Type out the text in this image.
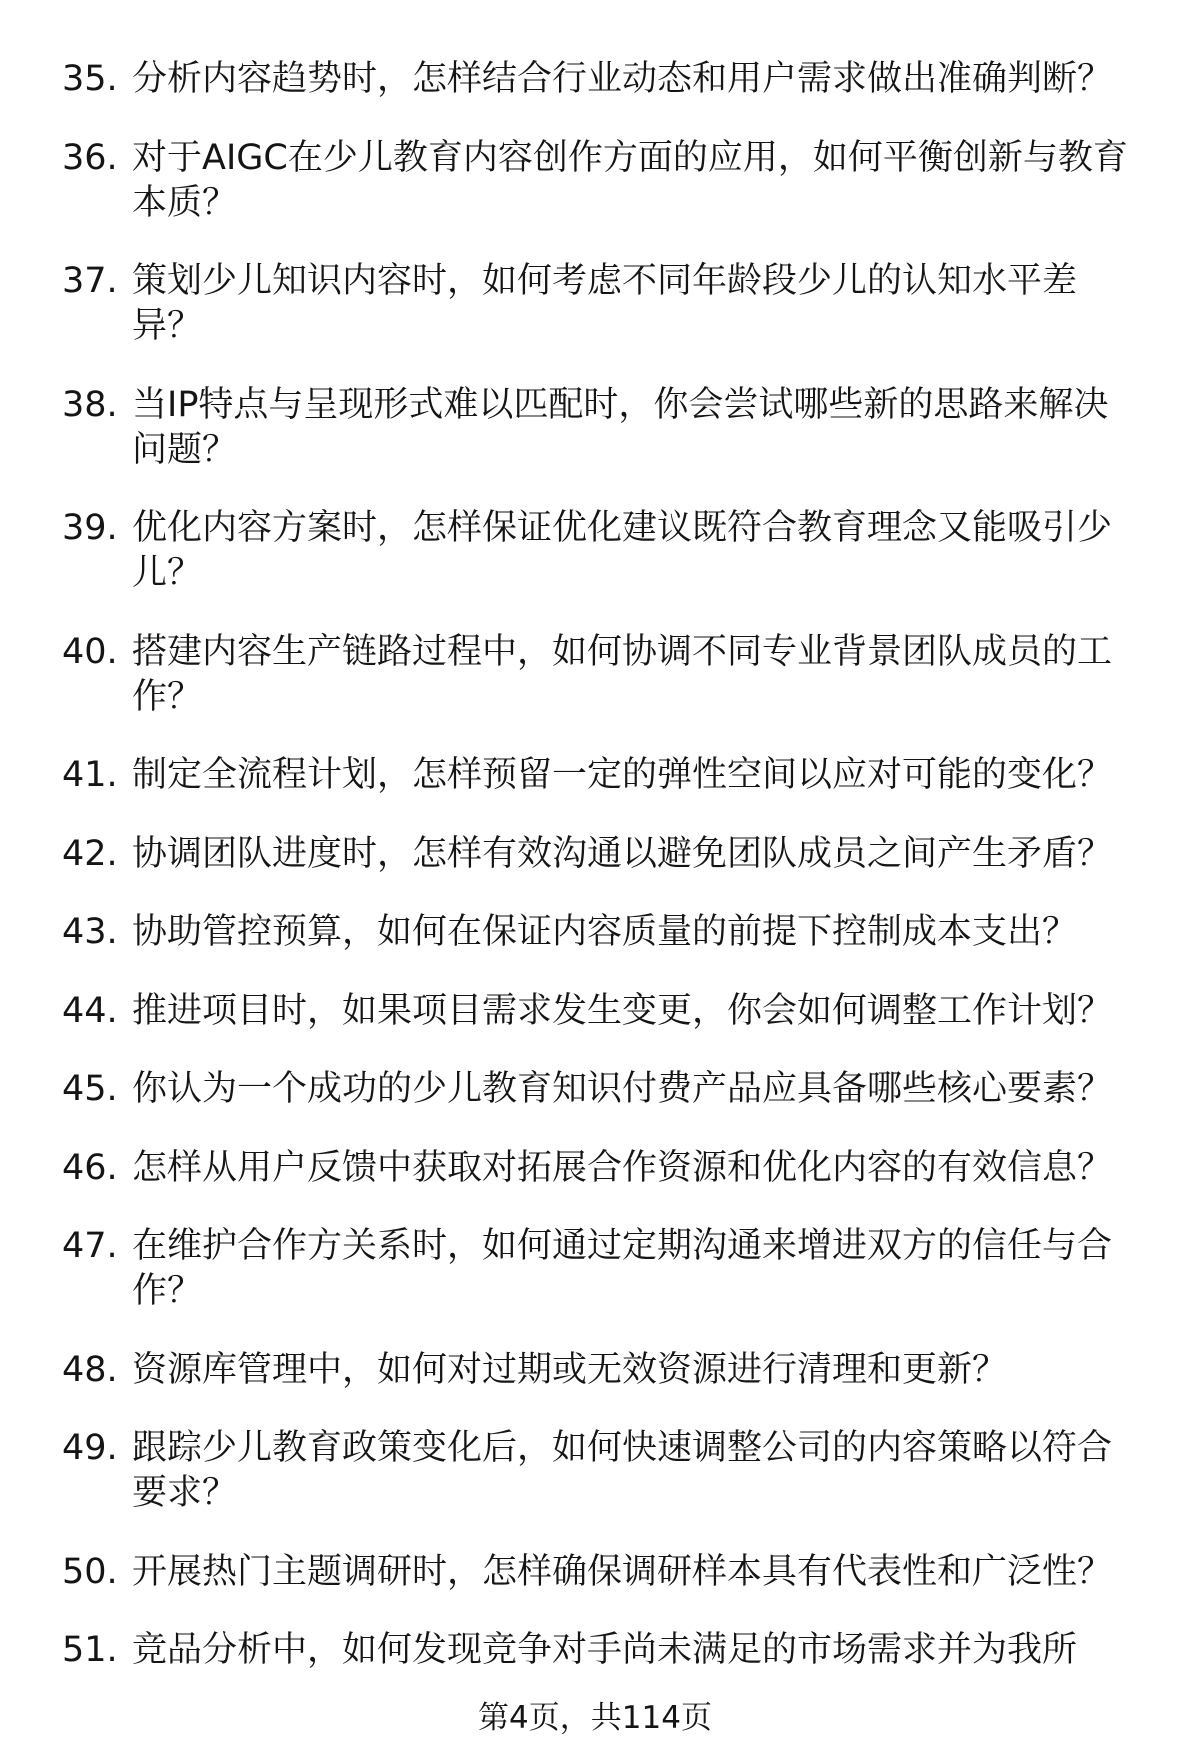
35. 分析内容趋势时，怎样结合行业动态和用户需求做出准确判断？
36. 对于AIGC在少儿教育内容创作方面的应用，如何平衡创新与教育
本质？
37. 策划少儿知识内容时，如何考虑不同年龄段少儿的认知水平差
异？
38. 当IP特点与呈现形式难以匹配时，你会尝试哪些新的思路来解决
问题？
39. 优化内容方案时，怎样保证优化建议既符合教育理念又能吸引少
儿？
40. 搭建内容生产链路过程中，如何协调不同专业背景团队成员的工
作？
41. 制定全流程计划，怎样预留一定的弹性空间以应对可能的变化？
42. 协调团队进度时，怎样有效沟通以避免团队成员之间产生矛盾？
43. 协助管控预算，如何在保证内容质量的前提下控制成本支出？
44. 推进项目时，如果项目需求发生变更，你会如何调整工作计划？
45. 你认为一个成功的少儿教育知识付费产品应具备哪些核心要素？
46. 怎样从用户反馈中获取对拓展合作资源和优化内容的有效信息？
47. 在维护合作方关系时，如何通过定期沟通来增进双方的信任与合
作？
48. 资源库管理中，如何对过期或无效资源进行清理和更新？
49. 跟踪少儿教育政策变化后，如何快速调整公司的内容策略以符合
要求？
50. 开展热门主题调研时，怎样确保调研样本具有代表性和广泛性？
51. 竞品分析中，如何发现竞争对手尚未满足的市场需求并为我所
第4页，共114页
